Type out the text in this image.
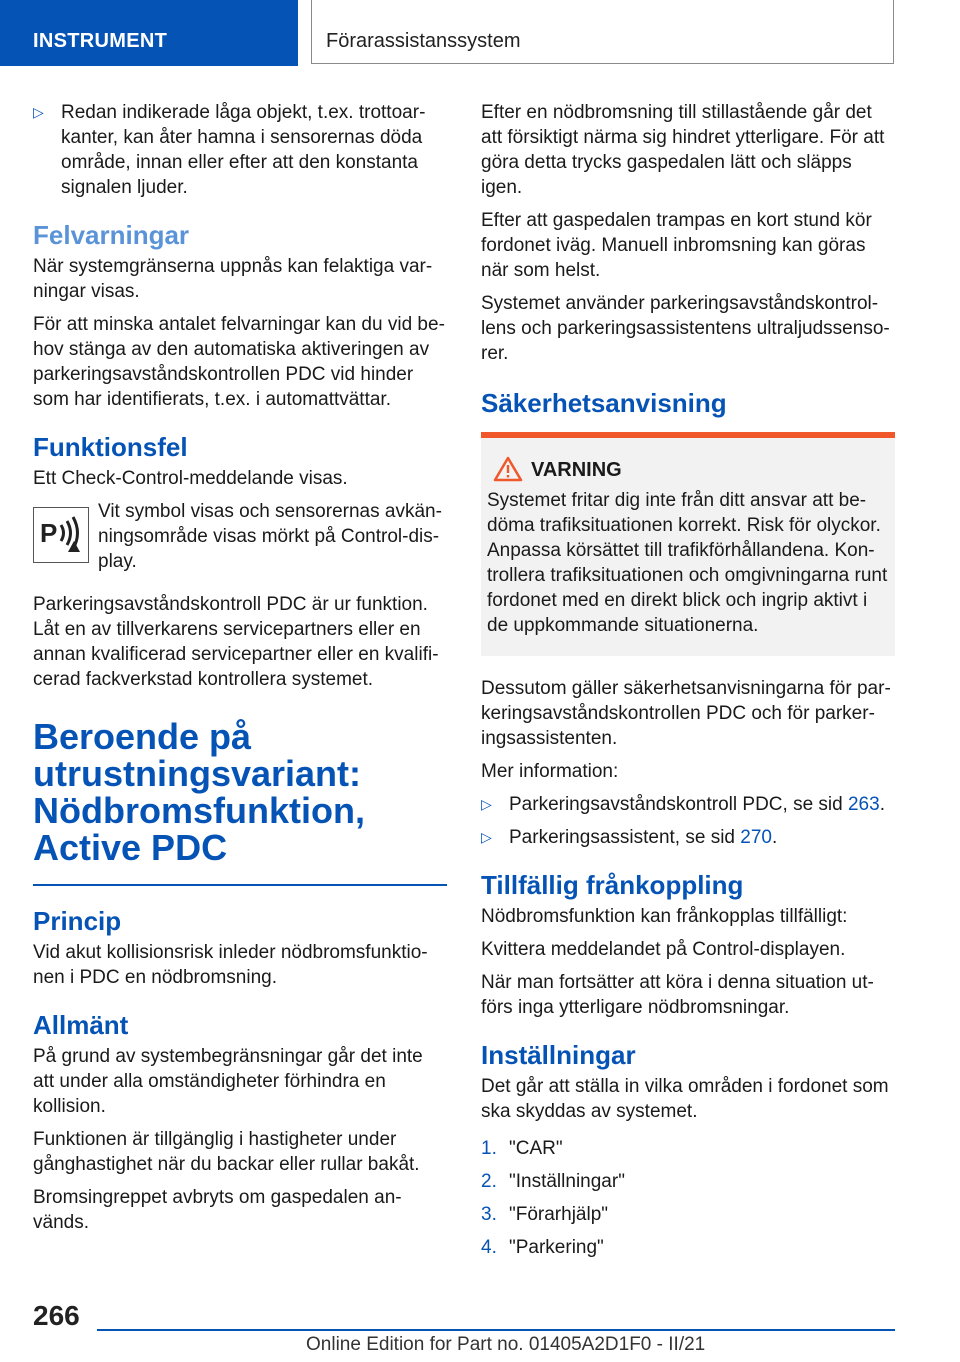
INSTRUMENT	Förarassistanssystem
▷ Redan indikerade låga objekt, t.ex. trottoarkanter, kan åter hamna i sensorernas döda område, innan eller efter att den konstanta signalen ljuder.
Felvarningar

När systemgränserna uppnås kan felaktiga varningar visas.

För att minska antalet felvarningar kan du vid behov stänga av den automatiska aktiveringen av parkeringsavståndskontrollen PDC vid hinder som har identifierats, t.ex. i automattvättar.

Funktionsfel

Ett Check-Control-meddelande visas.

P

Vit symbol visas och sensorernas avkänningsområde visas mörkt på Control-display.

Parkeringsavståndskontroll PDC är ur funktion. Låt en av tillverkarens servicepartners eller en annan kvalificerad servicepartner eller en kvalificerad fackverkstad kontrollera systemet.

Beroende på utrustningsvariant: Nödbromsfunktion, Active PDC
Princip

Vid akut kollisionsrisk inleder nödbromsfunktionen i PDC en nödbromsning.

Allmänt

På grund av systembegränsningar går det inte att under alla omständigheter förhindra en kollision.

Funktionen är tillgänglig i hastigheter under gånghastighet när du backar eller rullar bakåt.

Bromsingreppet avbryts om gaspedalen används.

Efter en nödbromsning till stillastående går det att försiktigt närma sig hindret ytterligare. För att göra detta trycks gaspedalen lätt och släpps igen.

Efter att gaspedalen trampas en kort stund kör fordonet iväg. Manuell inbromsning kan göras när som helst.

Systemet använder parkeringsavståndskontrollens och parkeringsassistentens ultraljudssensorer.

Säkerhetsanvisning
VARNING

Systemet fritar dig inte från ditt ansvar att bedöma trafiksituationen korrekt. Risk för olyckor. Anpassa körsättet till trafikförhållandena. Kontrollera trafiksituationen och omgivningarna runt fordonet med en direkt blick och ingrip aktivt i de uppkommande situationerna.

Dessutom gäller säkerhetsanvisningarna för parkeringsavståndskontrollen PDC och för parkeringsassistenten.

Mer information:

▷ Parkeringsavståndskontroll PDC, se sid 263.
▷ Parkeringsassistent, se sid 270.
Tillfällig frånkoppling

Nödbromsfunktion kan frånkopplas tillfälligt:

Kvittera meddelandet på Control-displayen.

När man fortsätter att köra i denna situation utförs inga ytterligare nödbromsningar.

Inställningar

Det går att ställa in vilka områden i fordonet som ska skyddas av systemet.

1. "CAR"
2. "Inställningar"
3. "Förarhjälp"
4. "Parkering"
266
Online Edition for Part no. 01405A2D1F0 - II/21
